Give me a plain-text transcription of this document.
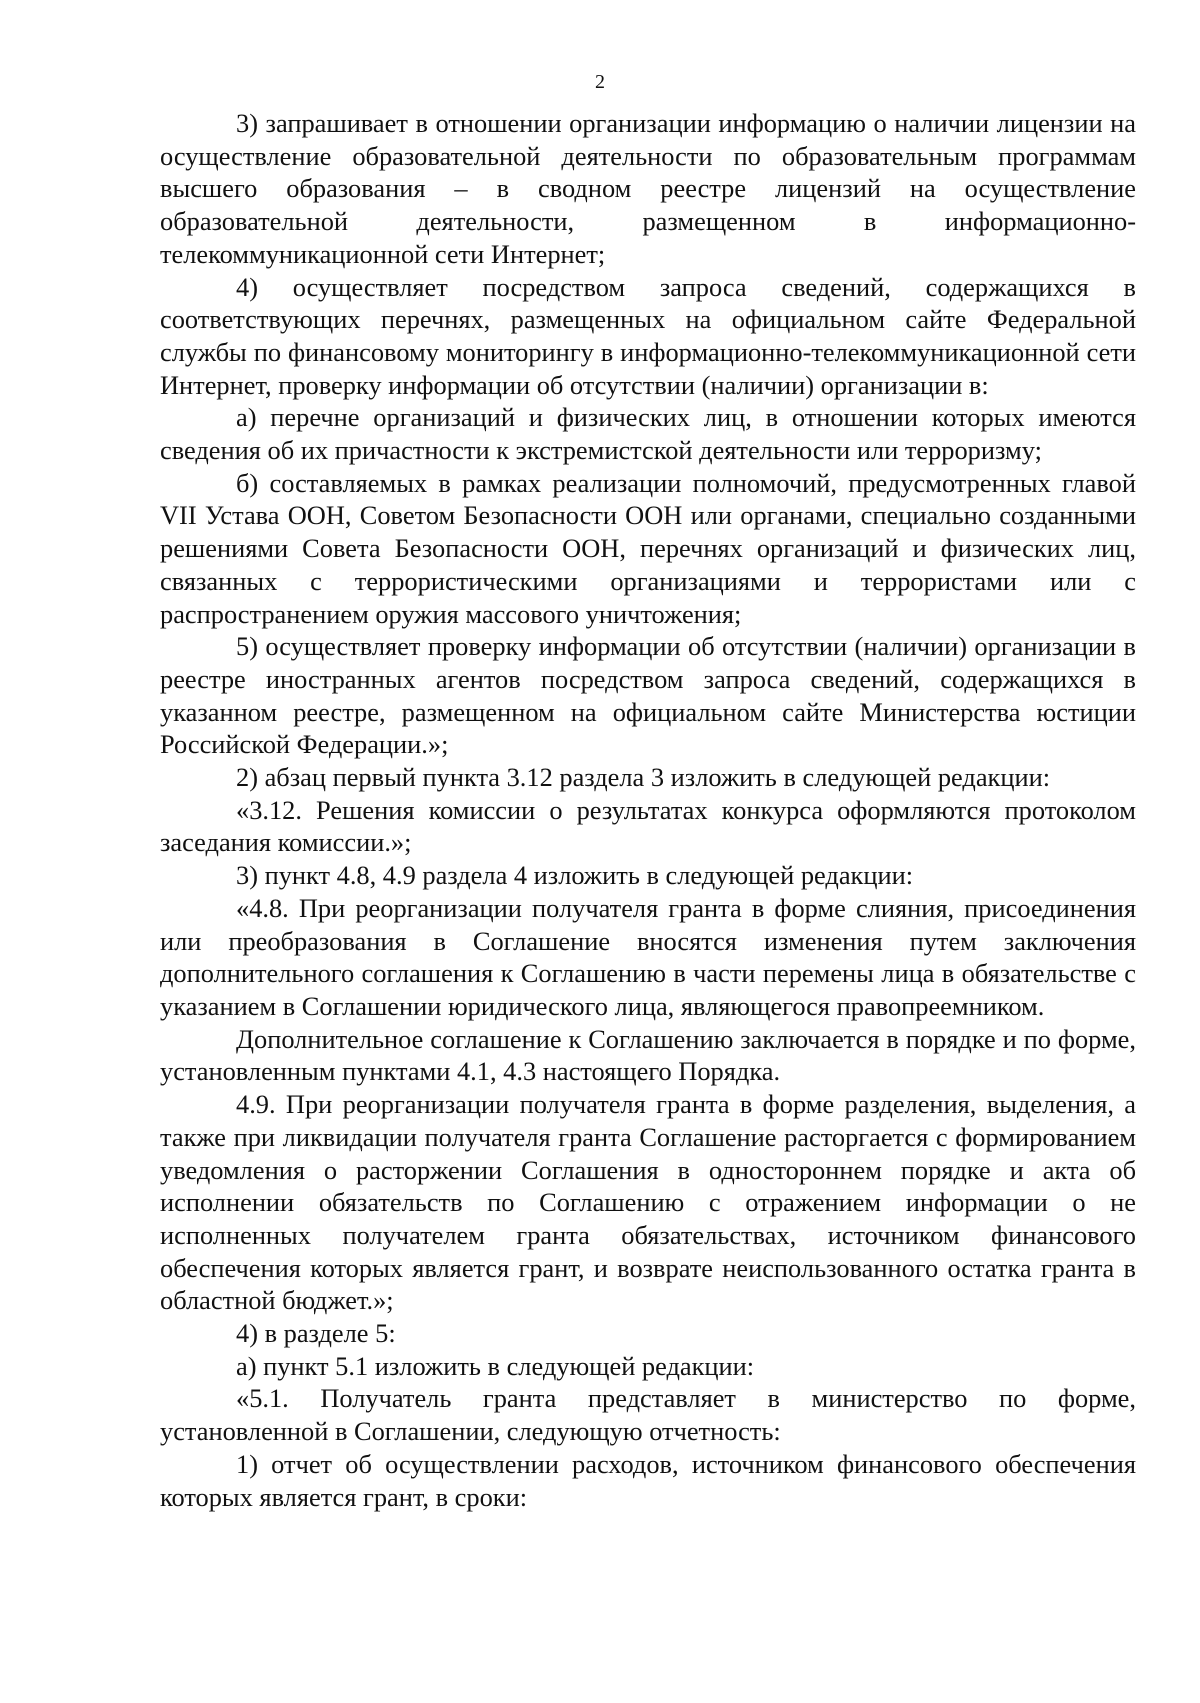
2

3) запрашивает в отношении организации информацию о наличии лицензии на осуществление образовательной деятельности по образовательным программам высшего образования – в сводном реестре лицензий на осуществление образовательной деятельности, размещенном в информационно-телекоммуникационной сети Интернет;

4) осуществляет посредством запроса сведений, содержащихся в соответствующих перечнях, размещенных на официальном сайте Федеральной службы по финансовому мониторингу в информационно-телекоммуникационной сети Интернет, проверку информации об отсутствии (наличии) организации в:

а) перечне организаций и физических лиц, в отношении которых имеются сведения об их причастности к экстремистской деятельности или терроризму;

б) составляемых в рамках реализации полномочий, предусмотренных главой VII Устава ООН, Советом Безопасности ООН или органами, специально созданными решениями Совета Безопасности ООН, перечнях организаций и физических лиц, связанных с террористическими организациями и террористами или с распространением оружия массового уничтожения;

5) осуществляет проверку информации об отсутствии (наличии) организации в реестре иностранных агентов посредством запроса сведений, содержащихся в указанном реестре, размещенном на официальном сайте Министерства юстиции Российской Федерации.»;

2) абзац первый пункта 3.12 раздела 3 изложить в следующей редакции:

«3.12. Решения комиссии о результатах конкурса оформляются протоколом заседания комиссии.»;

3) пункт 4.8, 4.9 раздела 4 изложить в следующей редакции:

«4.8. При реорганизации получателя гранта в форме слияния, присоединения или преобразования в Соглашение вносятся изменения путем заключения дополнительного соглашения к Соглашению в части перемены лица в обязательстве с указанием в Соглашении юридического лица, являющегося правопреемником.

Дополнительное соглашение к Соглашению заключается в порядке и по форме, установленным пунктами 4.1, 4.3 настоящего Порядка.

4.9. При реорганизации получателя гранта в форме разделения, выделения, а также при ликвидации получателя гранта Соглашение расторгается с формированием уведомления о расторжении Соглашения в одностороннем порядке и акта об исполнении обязательств по Соглашению с отражением информации о не исполненных получателем гранта обязательствах, источником финансового обеспечения которых является грант, и возврате неиспользованного остатка гранта в областной бюджет.»;

4) в разделе 5:

а) пункт 5.1 изложить в следующей редакции:

«5.1. Получатель гранта представляет в министерство по форме, установленной в Соглашении, следующую отчетность:

1) отчет об осуществлении расходов, источником финансового обеспечения которых является грант, в сроки:
